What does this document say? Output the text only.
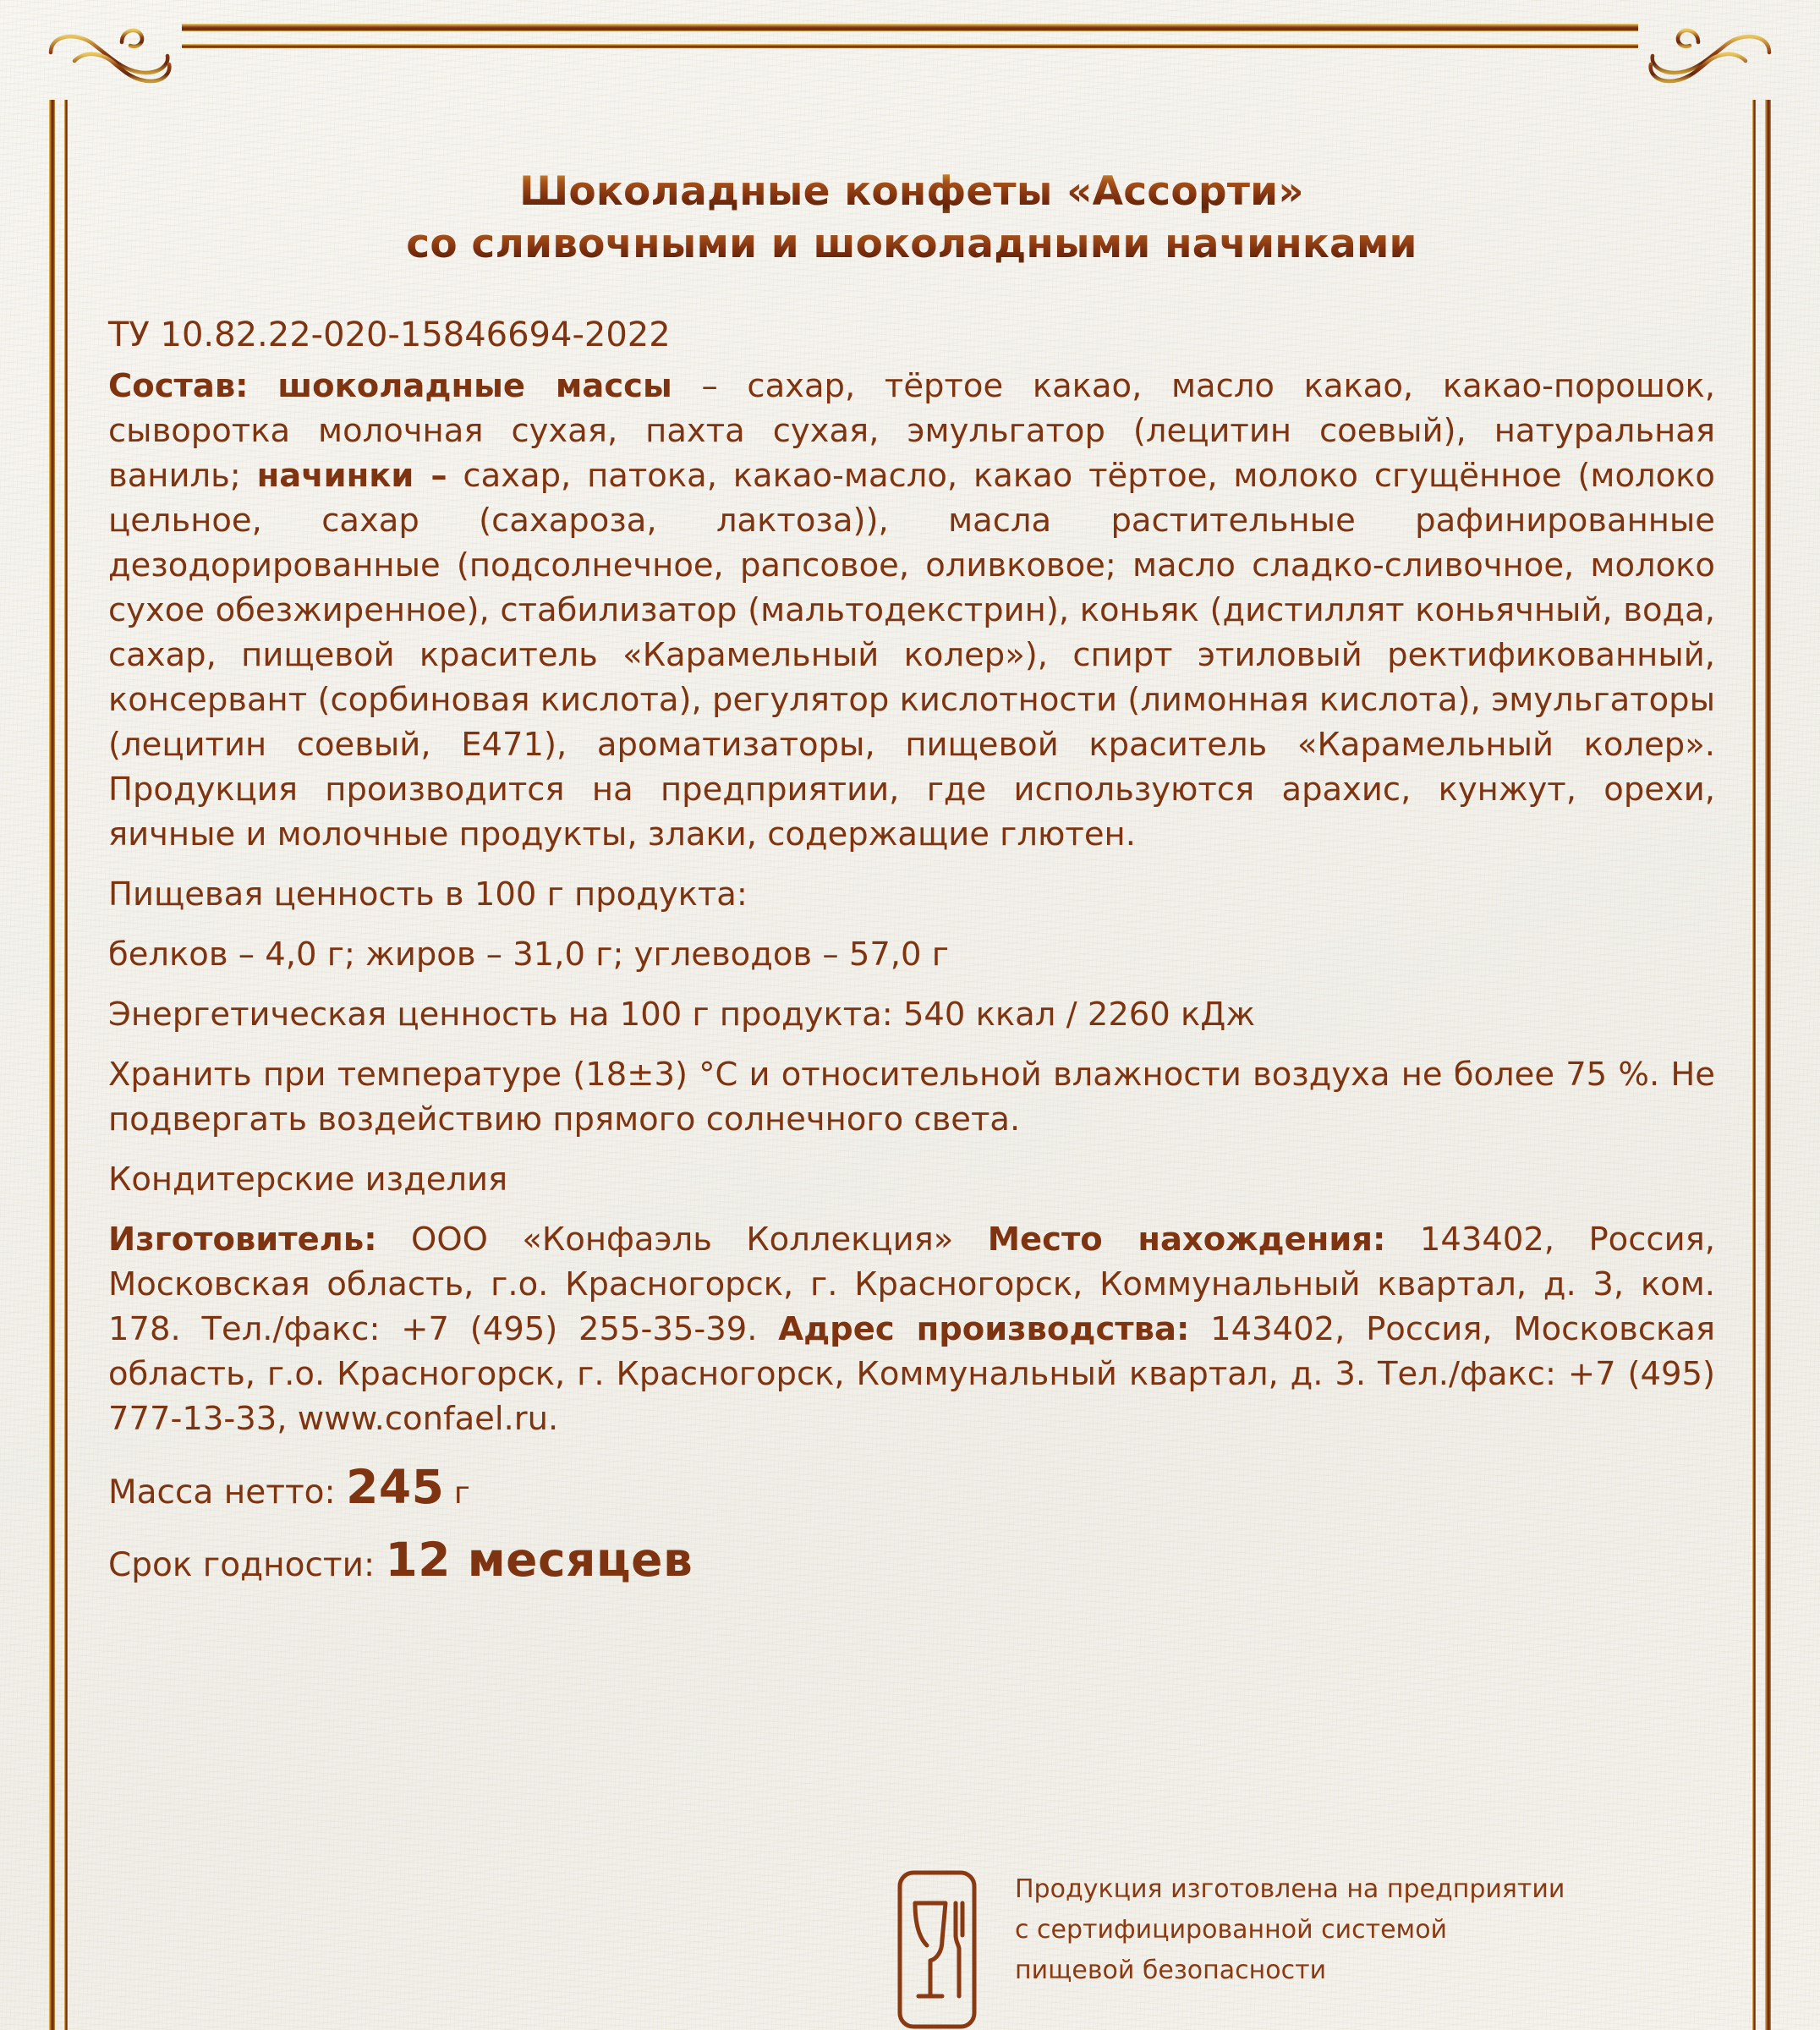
Шоколадные конфеты «Ассорти»
со сливочными и шоколадными начинками
ТУ 10.82.22-020-15846694-2022
Состав: шоколадные массы – сахар, тёртое какао, масло какао, какао-порошок, сыворотка молочная сухая, пахта сухая, эмульгатор (лецитин соевый), натуральная ваниль; начинки – сахар, патока, какао-масло, какао тёртое, молоко сгущённое (молоко цельное, сахар (сахароза, лактоза)), масла растительные рафинированные дезодорированные (подсолнечное, рапсовое, оливковое; масло сладко-сливочное, молоко сухое обезжиренное), стабилизатор (мальтодекстрин), коньяк (дистиллят коньячный, вода, сахар, пищевой краситель «Карамельный колер»), спирт этиловый ректификованный, консервант (сорбиновая кислота), регулятор кислотности (лимонная кислота), эмульгаторы (лецитин соевый, Е471), ароматизаторы, пищевой краситель «Карамельный колер». Продукция производится на предприятии, где используются арахис, кунжут, орехи, яичные и молочные продукты, злаки, содержащие глютен.
Пищевая ценность в 100 г продукта:
белков – 4,0 г; жиров – 31,0 г; углеводов – 57,0 г
Энергетическая ценность на 100 г продукта: 540 ккал / 2260 кДж
Хранить при температуре (18±3) °C и относительной влажности воздуха не более 75 %. Не подвергать воздействию прямого солнечного света.
Кондитерские изделия
Изготовитель: ООО «Конфаэль Коллекция» Место нахождения: 143402, Россия, Московская область, г.о. Красногорск, г. Красногорск, Коммунальный квартал, д. 3, ком. 178. Тел./факс: +7 (495) 255-35-39. Адрес производства: 143402, Россия, Московская область, г.о. Красногорск, г. Красногорск, Коммунальный квартал, д. 3. Тел./факс: +7 (495) 777-13-33, www.confael.ru.
Масса нетто: 245 г
Срок годности: 12 месяцев
Продукция изготовлена на предприятии
с сертифицированной системой
пищевой безопасности
